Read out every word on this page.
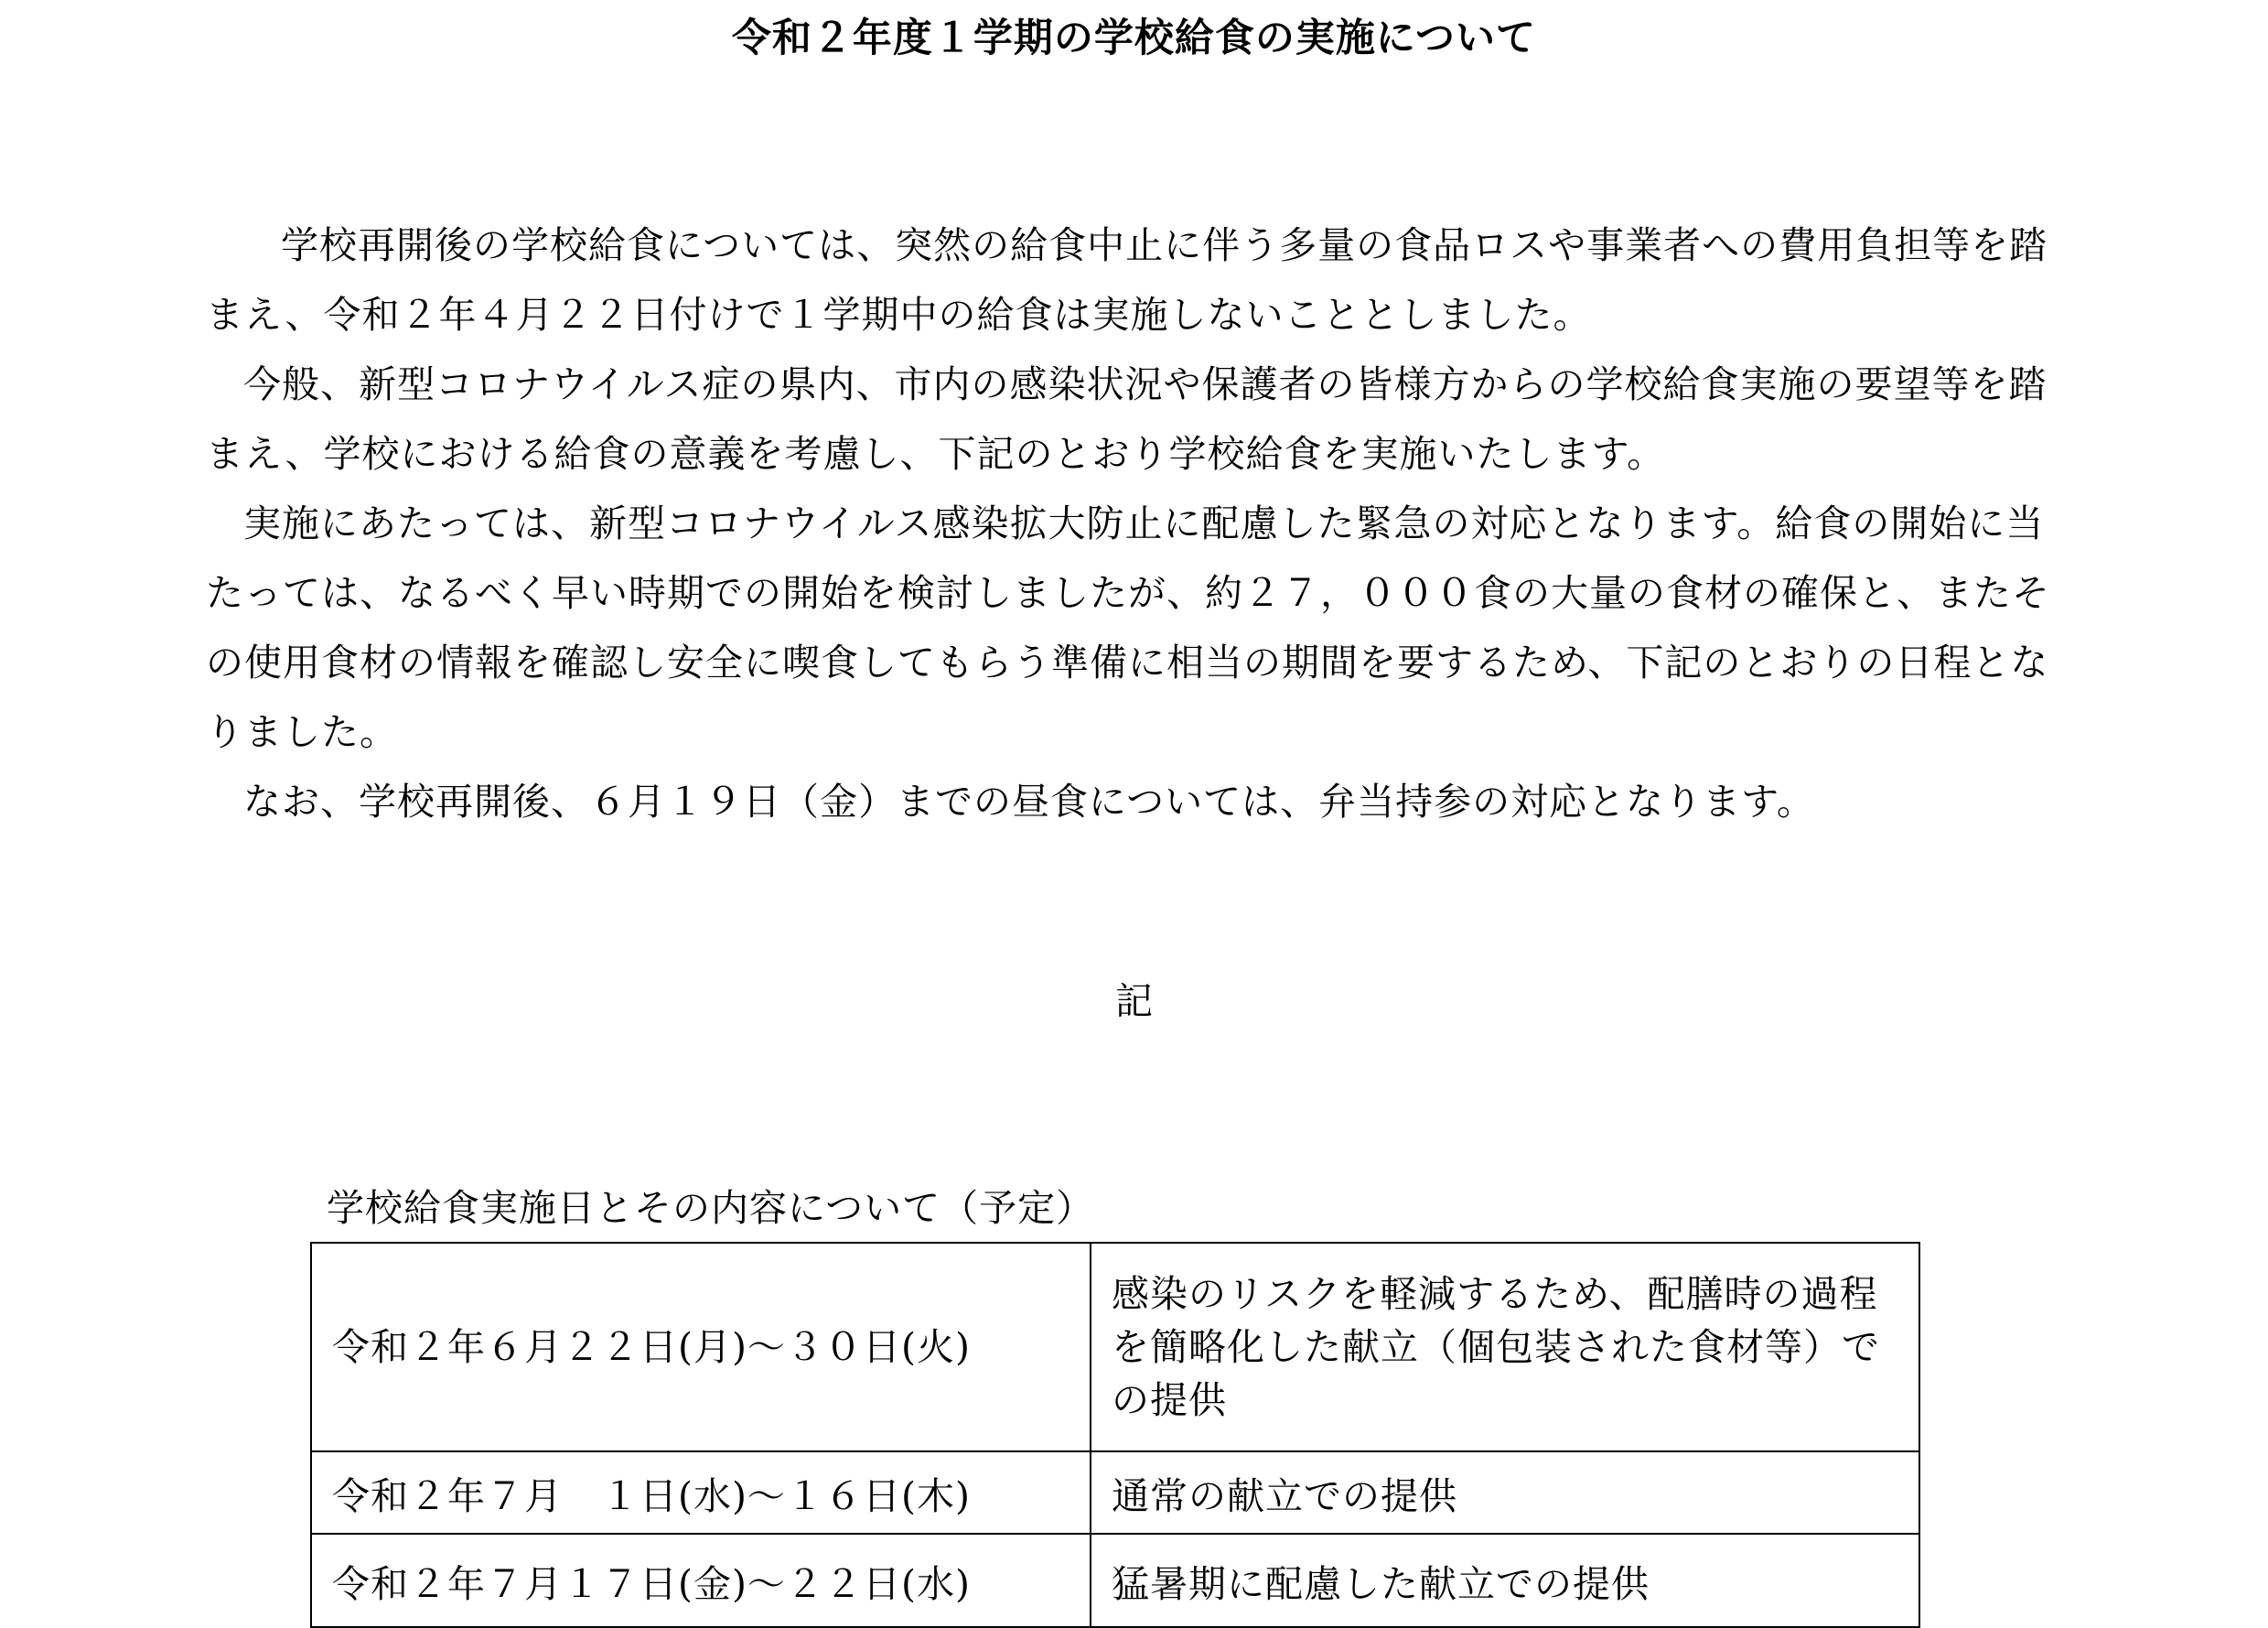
令和２年度１学期の学校給食の実施について

学校再開後の学校給食については、突然の給食中止に伴う多量の食品ロスや事業者への費用負担等を踏まえ、令和２年４月２２日付けで１学期中の給食は実施しないこととしました。

今般、新型コロナウイルス症の県内、市内の感染状況や保護者の皆様方からの学校給食実施の要望等を踏まえ、学校における給食の意義を考慮し、下記のとおり学校給食を実施いたします。

実施にあたっては、新型コロナウイルス感染拡大防止に配慮した緊急の対応となります。給食の開始に当たっては、なるべく早い時期での開始を検討しましたが、約２７，０００食の大量の食材の確保と、またその使用食材の情報を確認し安全に喫食してもらう準備に相当の期間を要するため、下記のとおりの日程となりました。

なお、学校再開後、６月１９日（金）までの昼食については、弁当持参の対応となります。

記
学校給食実施日とその内容について（予定）
令和２年６月２２日(月)～３０日(火)	感染のリスクを軽減するため、配膳時の過程を簡略化した献立（個包装された食材等）での提供
令和２年７月　１日(水)～１６日(木)	通常の献立での提供
令和２年７月１７日(金)～２２日(水)	猛暑期に配慮した献立での提供
